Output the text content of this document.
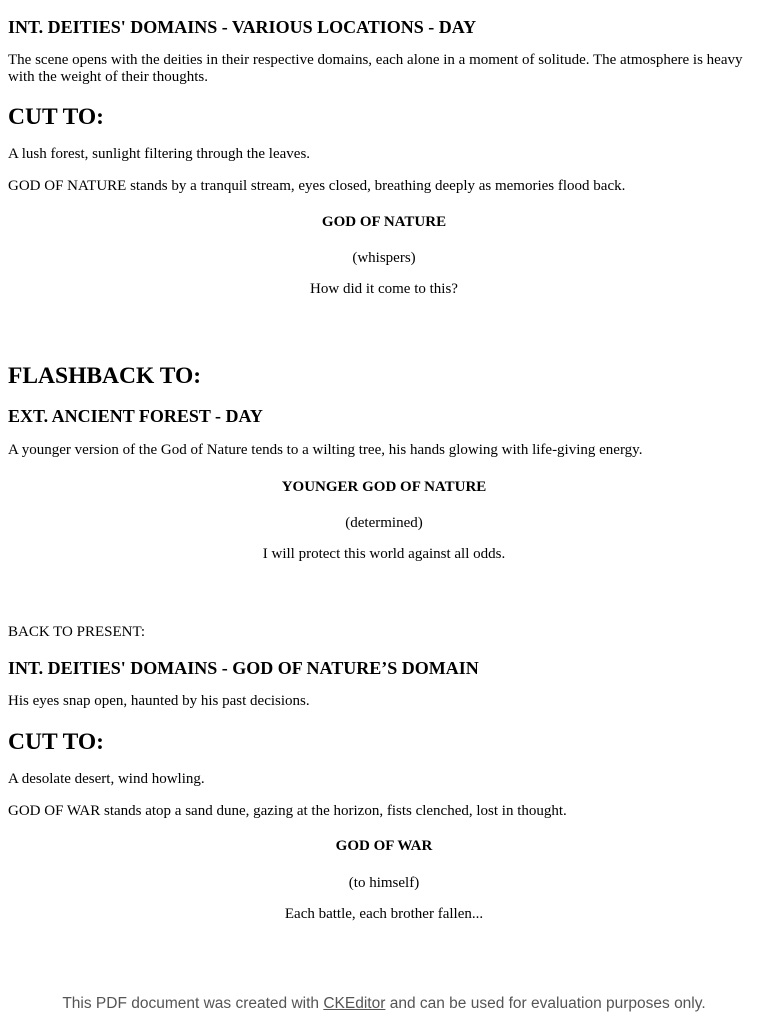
INT. DEITIES' DOMAINS - VARIOUS LOCATIONS - DAY

The scene opens with the deities in their respective domains, each alone in a moment of solitude. The atmosphere is heavy with the weight of their thoughts.

CUT TO:

A lush forest, sunlight filtering through the leaves.

GOD OF NATURE stands by a tranquil stream, eyes closed, breathing deeply as memories flood back.

GOD OF NATURE

(whispers)

How did it come to this?

FLASHBACK TO:
EXT. ANCIENT FOREST - DAY

A younger version of the God of Nature tends to a wilting tree, his hands glowing with life-giving energy.

YOUNGER GOD OF NATURE

(determined)

I will protect this world against all odds.

BACK TO PRESENT:

INT. DEITIES' DOMAINS - GOD OF NATURE’S DOMAIN

His eyes snap open, haunted by his past decisions.

CUT TO:

A desolate desert, wind howling.

GOD OF WAR stands atop a sand dune, gazing at the horizon, fists clenched, lost in thought.

GOD OF WAR

(to himself)

Each battle, each brother fallen...

This PDF document was created with CKEditor and can be used for evaluation purposes only.
